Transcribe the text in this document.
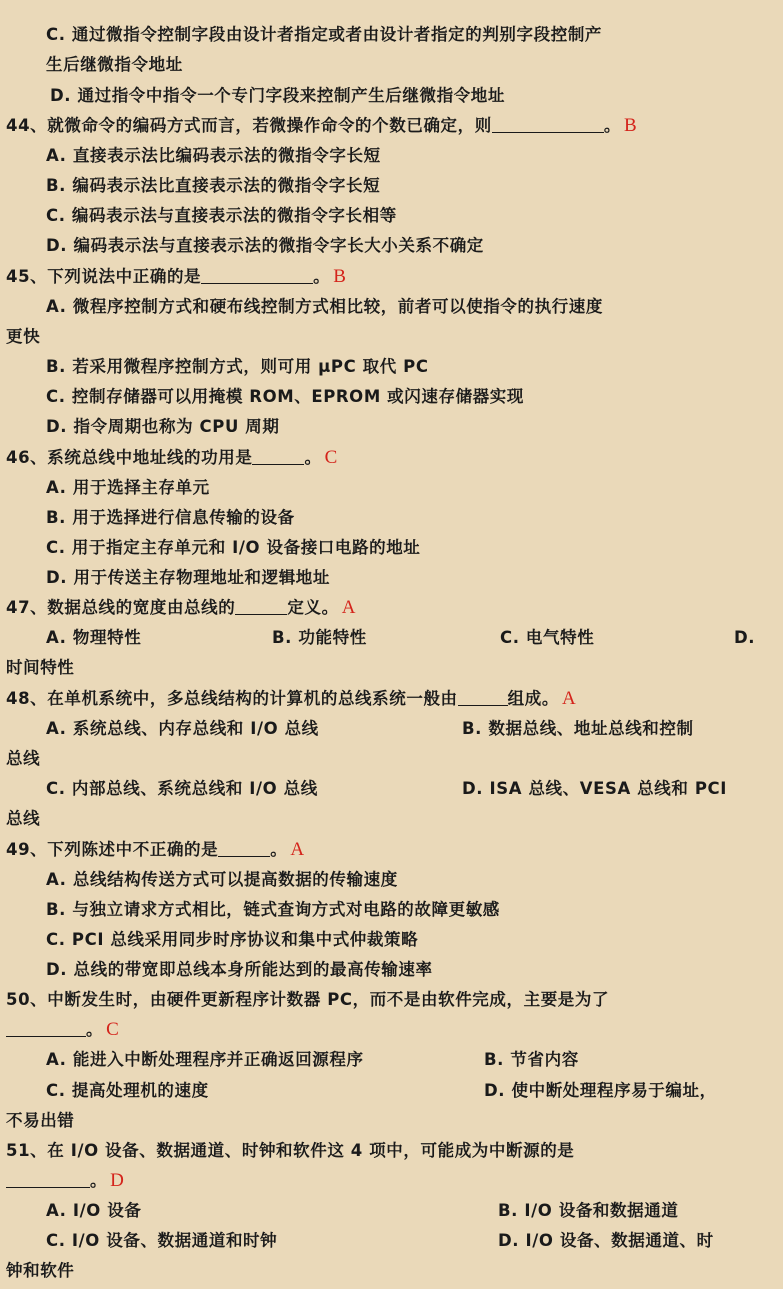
C. 通过微指令控制字段由设计者指定或者由设计者指定的判别字段控制产
生后继微指令地址
D. 通过指令中指令一个专门字段来控制产生后继微指令地址
44、就微命令的编码方式而言，若微操作命令的个数已确定，则	。 B
A. 直接表示法比编码表示法的微指令字长短
B. 编码表示法比直接表示法的微指令字长短
C. 编码表示法与直接表示法的微指令字长相等
D. 编码表示法与直接表示法的微指令字长大小关系不确定
45、下列说法中正确的是	。 B
A. 微程序控制方式和硬布线控制方式相比较，前者可以使指令的执行速度
更快
B. 若采用微程序控制方式，则可用 μPC 取代 PC
C. 控制存储器可以用掩模 ROM、EPROM 或闪速存储器实现
D. 指令周期也称为 CPU 周期
46、系统总线中地址线的功用是	。 C
A. 用于选择主存单元
B. 用于选择进行信息传输的设备
C. 用于指定主存单元和 I/O 设备接口电路的地址
D. 用于传送主存物理地址和逻辑地址
47、数据总线的宽度由总线的	定义。 A
A. 物理特性	B. 功能特性	C. 电气特性	D.
时间特性
48、在单机系统中，多总线结构的计算机的总线系统一般由	组成。 A
A. 系统总线、内存总线和 I/O 总线	B. 数据总线、地址总线和控制
总线
C. 内部总线、系统总线和 I/O 总线	D. ISA 总线、VESA 总线和 PCI
总线
49、下列陈述中不正确的是	。 A
A. 总线结构传送方式可以提高数据的传输速度
B. 与独立请求方式相比，链式查询方式对电路的故障更敏感
C. PCI 总线采用同步时序协议和集中式仲裁策略
D. 总线的带宽即总线本身所能达到的最高传输速率
50、中断发生时，由硬件更新程序计数器 PC，而不是由软件完成，主要是为了
。 C
A. 能进入中断处理程序并正确返回源程序	B. 节省内容
C. 提高处理机的速度	D. 使中断处理程序易于编址，
不易出错
51、在 I/O 设备、数据通道、时钟和软件这 4 项中，可能成为中断源的是
。 D
A. I/O 设备	B. I/O 设备和数据通道
C. I/O 设备、数据通道和时钟	D. I/O 设备、数据通道、时
钟和软件
